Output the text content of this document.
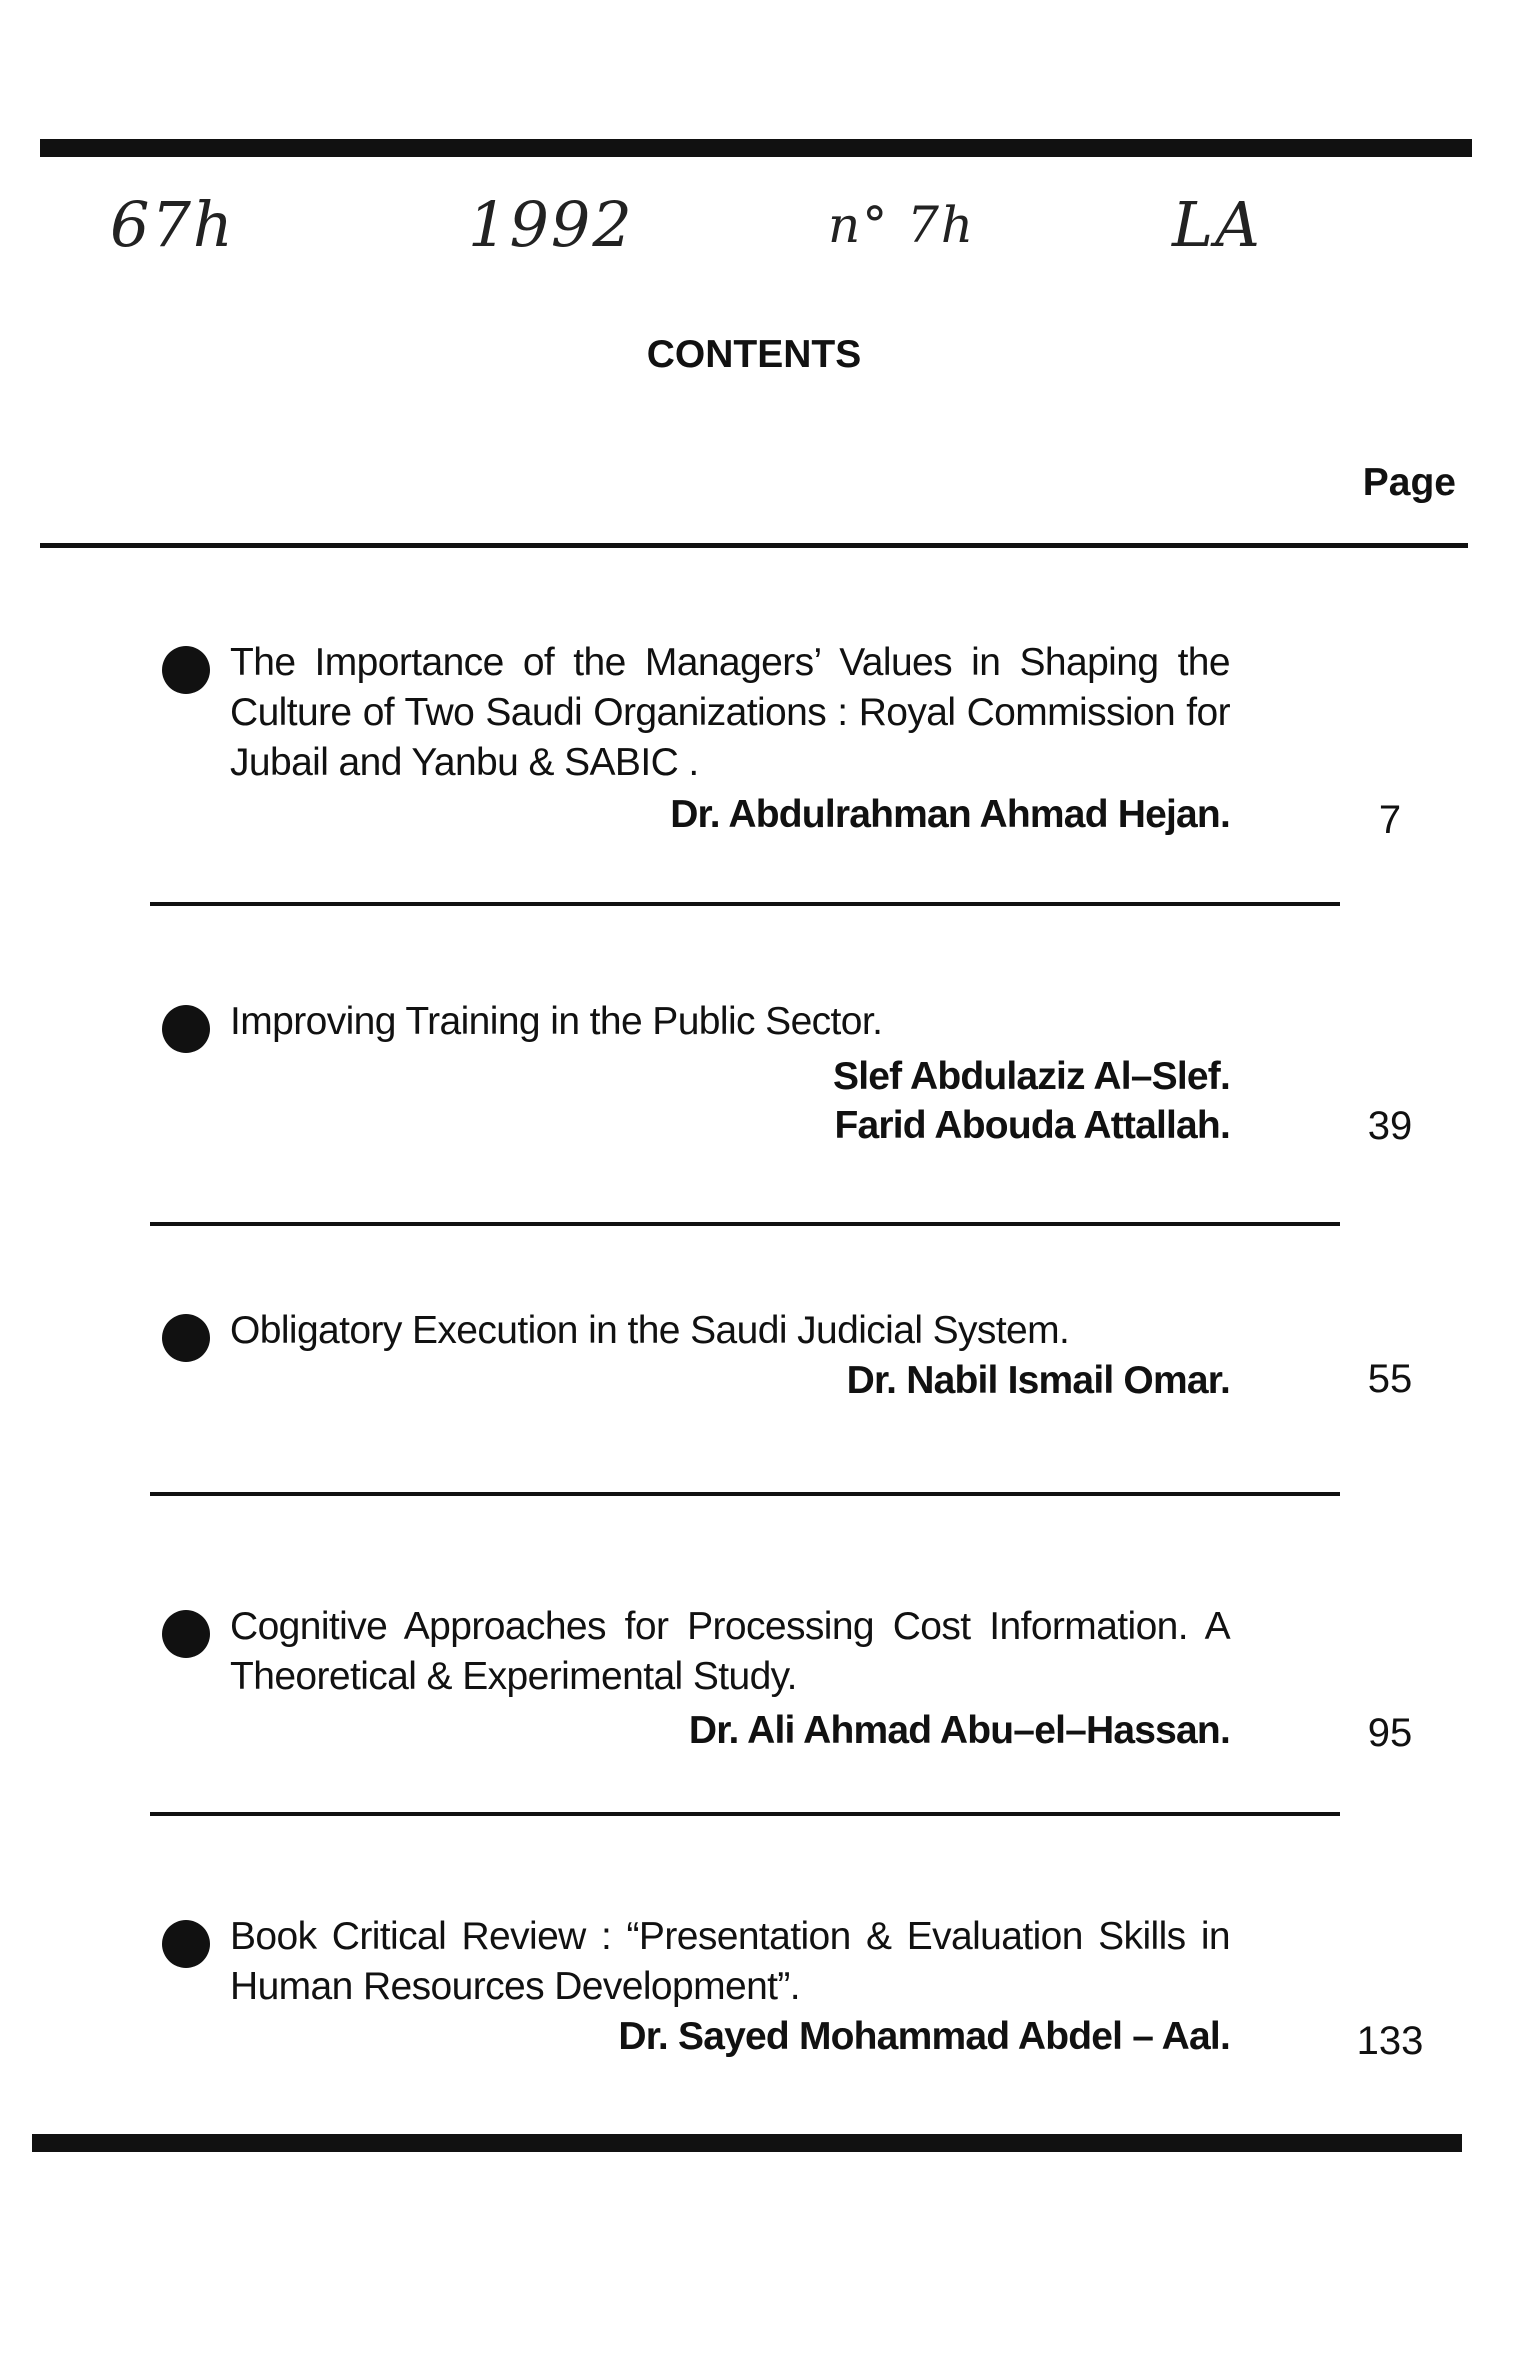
67h	1992	n° 7h	LA
CONTENTS
Page

The Importance of the Managers’ Values in Shaping the Culture of Two Saudi Organizations : Royal Commission for Jubail and Yanbu & SABIC .

Dr. Abdulrahman Ahmad Hejan.	7

Improving Training in the Public Sector.

Slef Abdulaziz Al–Slef.
Farid Abouda Attallah.	39

Obligatory Execution in the Saudi Judicial System.

Dr. Nabil Ismail Omar.	55

Cognitive Approaches for Processing Cost Information. A Theoretical & Experimental Study.

Dr. Ali Ahmad Abu–el–Hassan.	95

Book Critical Review : “Presentation & Evaluation Skills in Human Resources Development”.

Dr. Sayed Mohammad Abdel – Aal.	133
